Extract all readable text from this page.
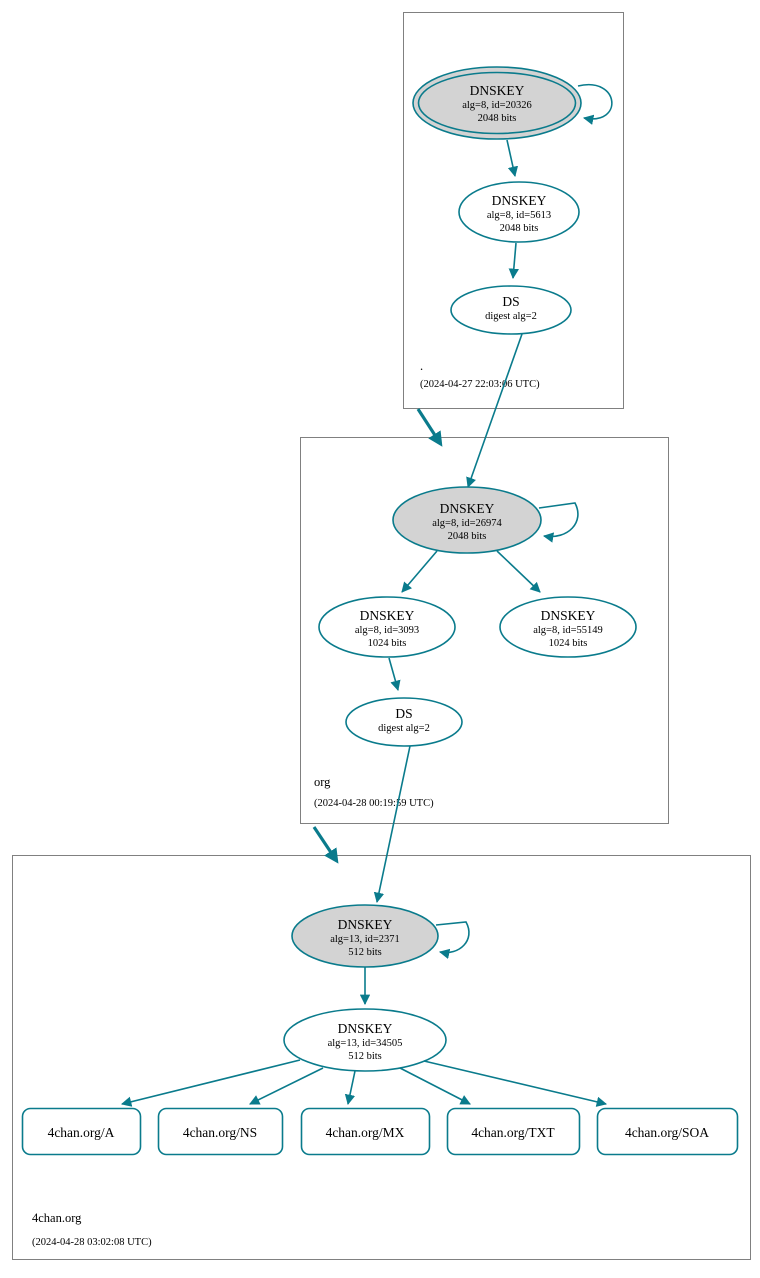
DNSKEY
alg=8, id=20326
2048 bits
DNSKEY
alg=8, id=5613
2048 bits
DS
digest alg=2
.
(2024-04-27 22:03:06 UTC)
DNSKEY
alg=8, id=26974
2048 bits
DNSKEY
alg=8, id=3093
1024 bits
DNSKEY
alg=8, id=55149
1024 bits
DS
digest alg=2
org
(2024-04-28 00:19:59 UTC)
DNSKEY
alg=13, id=2371
512 bits
DNSKEY
alg=13, id=34505
512 bits
4chan.org/A	4chan.org/NS	4chan.org/MX	4chan.org/TXT	4chan.org/SOA
4chan.org
(2024-04-28 03:02:08 UTC)
